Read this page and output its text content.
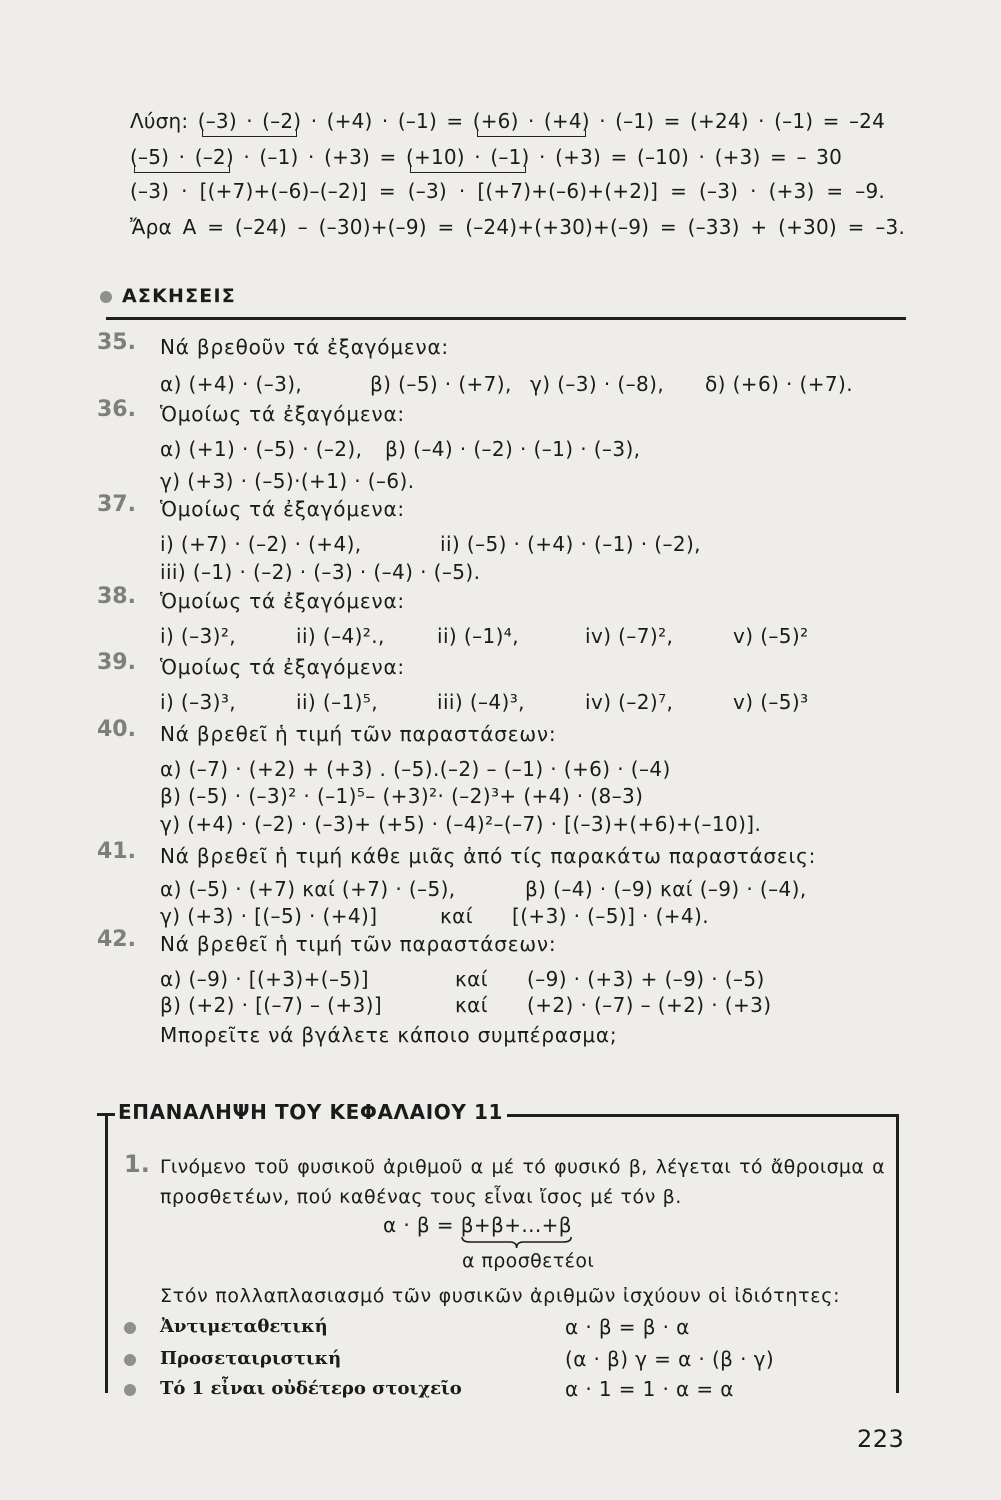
Λύση: (–3) · (–2) · (+4) · (–1) = (+6) · (+4) · (–1) = (+24) · (–1) = –24
(–5) · (–2) · (–1) · (+3) = (+10) · (–1) · (+3) = (–10) · (+3) = – 30
(–3) · [(+7)+(–6)–(–2)] = (–3) · [(+7)+(–6)+(+2)] = (–3) · (+3) = –9.
Ἄρα A = (–24) – (–30)+(–9) = (–24)+(+30)+(–9) = (–33) + (+30) = –3.
ΑΣΚΗΣΕΙΣ
35. Νά βρεθοῦν τά ἐξαγόμενα:
α) (+4) · (–3),	β) (–5) · (+7), γ) (–3) · (–8), δ) (+6) · (+7).
36. Ὁμοίως τά ἐξαγόμενα:
α) (+1) · (–5) · (–2), β) (–4) · (–2) · (–1) · (–3),
γ) (+3) · (–5)·(+1) · (–6).
37. Ὁμοίως τά ἐξαγόμενα:
i) (+7) · (–2) · (+4),	ii) (–5) · (+4) · (–1) · (–2),
iii) (–1) · (–2) · (–3) · (–4) · (–5).
38. Ὁμοίως τά ἐξαγόμενα:
i) (–3)²,	ii) (–4)².,	ii) (–1)⁴,	iv) (–7)²,	v) (–5)²
39. Ὁμοίως τά ἐξαγόμενα:
i) (–3)³,	ii) (–1)⁵,	iii) (–4)³,	iv) (–2)⁷,	v) (–5)³
40. Νά βρεθεῖ ἡ τιμή τῶν παραστάσεων:
α) (–7) · (+2) + (+3) . (–5).(–2) – (–1) · (+6) · (–4)
β) (–5) · (–3)² · (–1)⁵– (+3)²· (–2)³+ (+4) · (8–3)
γ) (+4) · (–2) · (–3)+ (+5) · (–4)²–(–7) · [(–3)+(+6)+(–10)].
41. Νά βρεθεῖ ἡ τιμή κάθε μιᾶς ἀπό τίς παρακάτω παραστάσεις:
α) (–5) · (+7) καί (+7) · (–5),	β) (–4) · (–9) καί (–9) · (–4),
γ) (+3) · [(–5) · (+4)]	καί [(+3) · (–5)] · (+4).
42. Νά βρεθεῖ ἡ τιμή τῶν παραστάσεων:
α) (–9) · [(+3)+(–5)]	καί (–9) · (+3) + (–9) · (–5)
β) (+2) · [(–7) – (+3)]	καί (+2) · (–7) – (+2) · (+3)
Μπορεῖτε νά βγάλετε κάποιο συμπέρασμα;
ΕΠΑΝΑΛΗΨΗ ΤΟΥ ΚΕΦΑΛΑΙΟΥ 11
1. Γινόμενο τοῦ φυσικοῦ ἀριθμοῦ α μέ τό φυσικό β, λέγεται τό ἄθροισμα α
προσθετέων, πού καθένας τους εἶναι ἴσος μέ τόν β.
α · β = β+β+...+β
α προσθετέοι
Στόν πολλαπλασιασμό τῶν φυσικῶν ἀριθμῶν ἰσχύουν οἱ ἰδιότητες:
Ἀντιμεταθετική	α · β = β · α
Προσεταιριστική	(α · β) γ = α · (β · γ)
Τό 1 εἶναι οὐδέτερο στοιχεῖο	α · 1 = 1 · α = α
223
